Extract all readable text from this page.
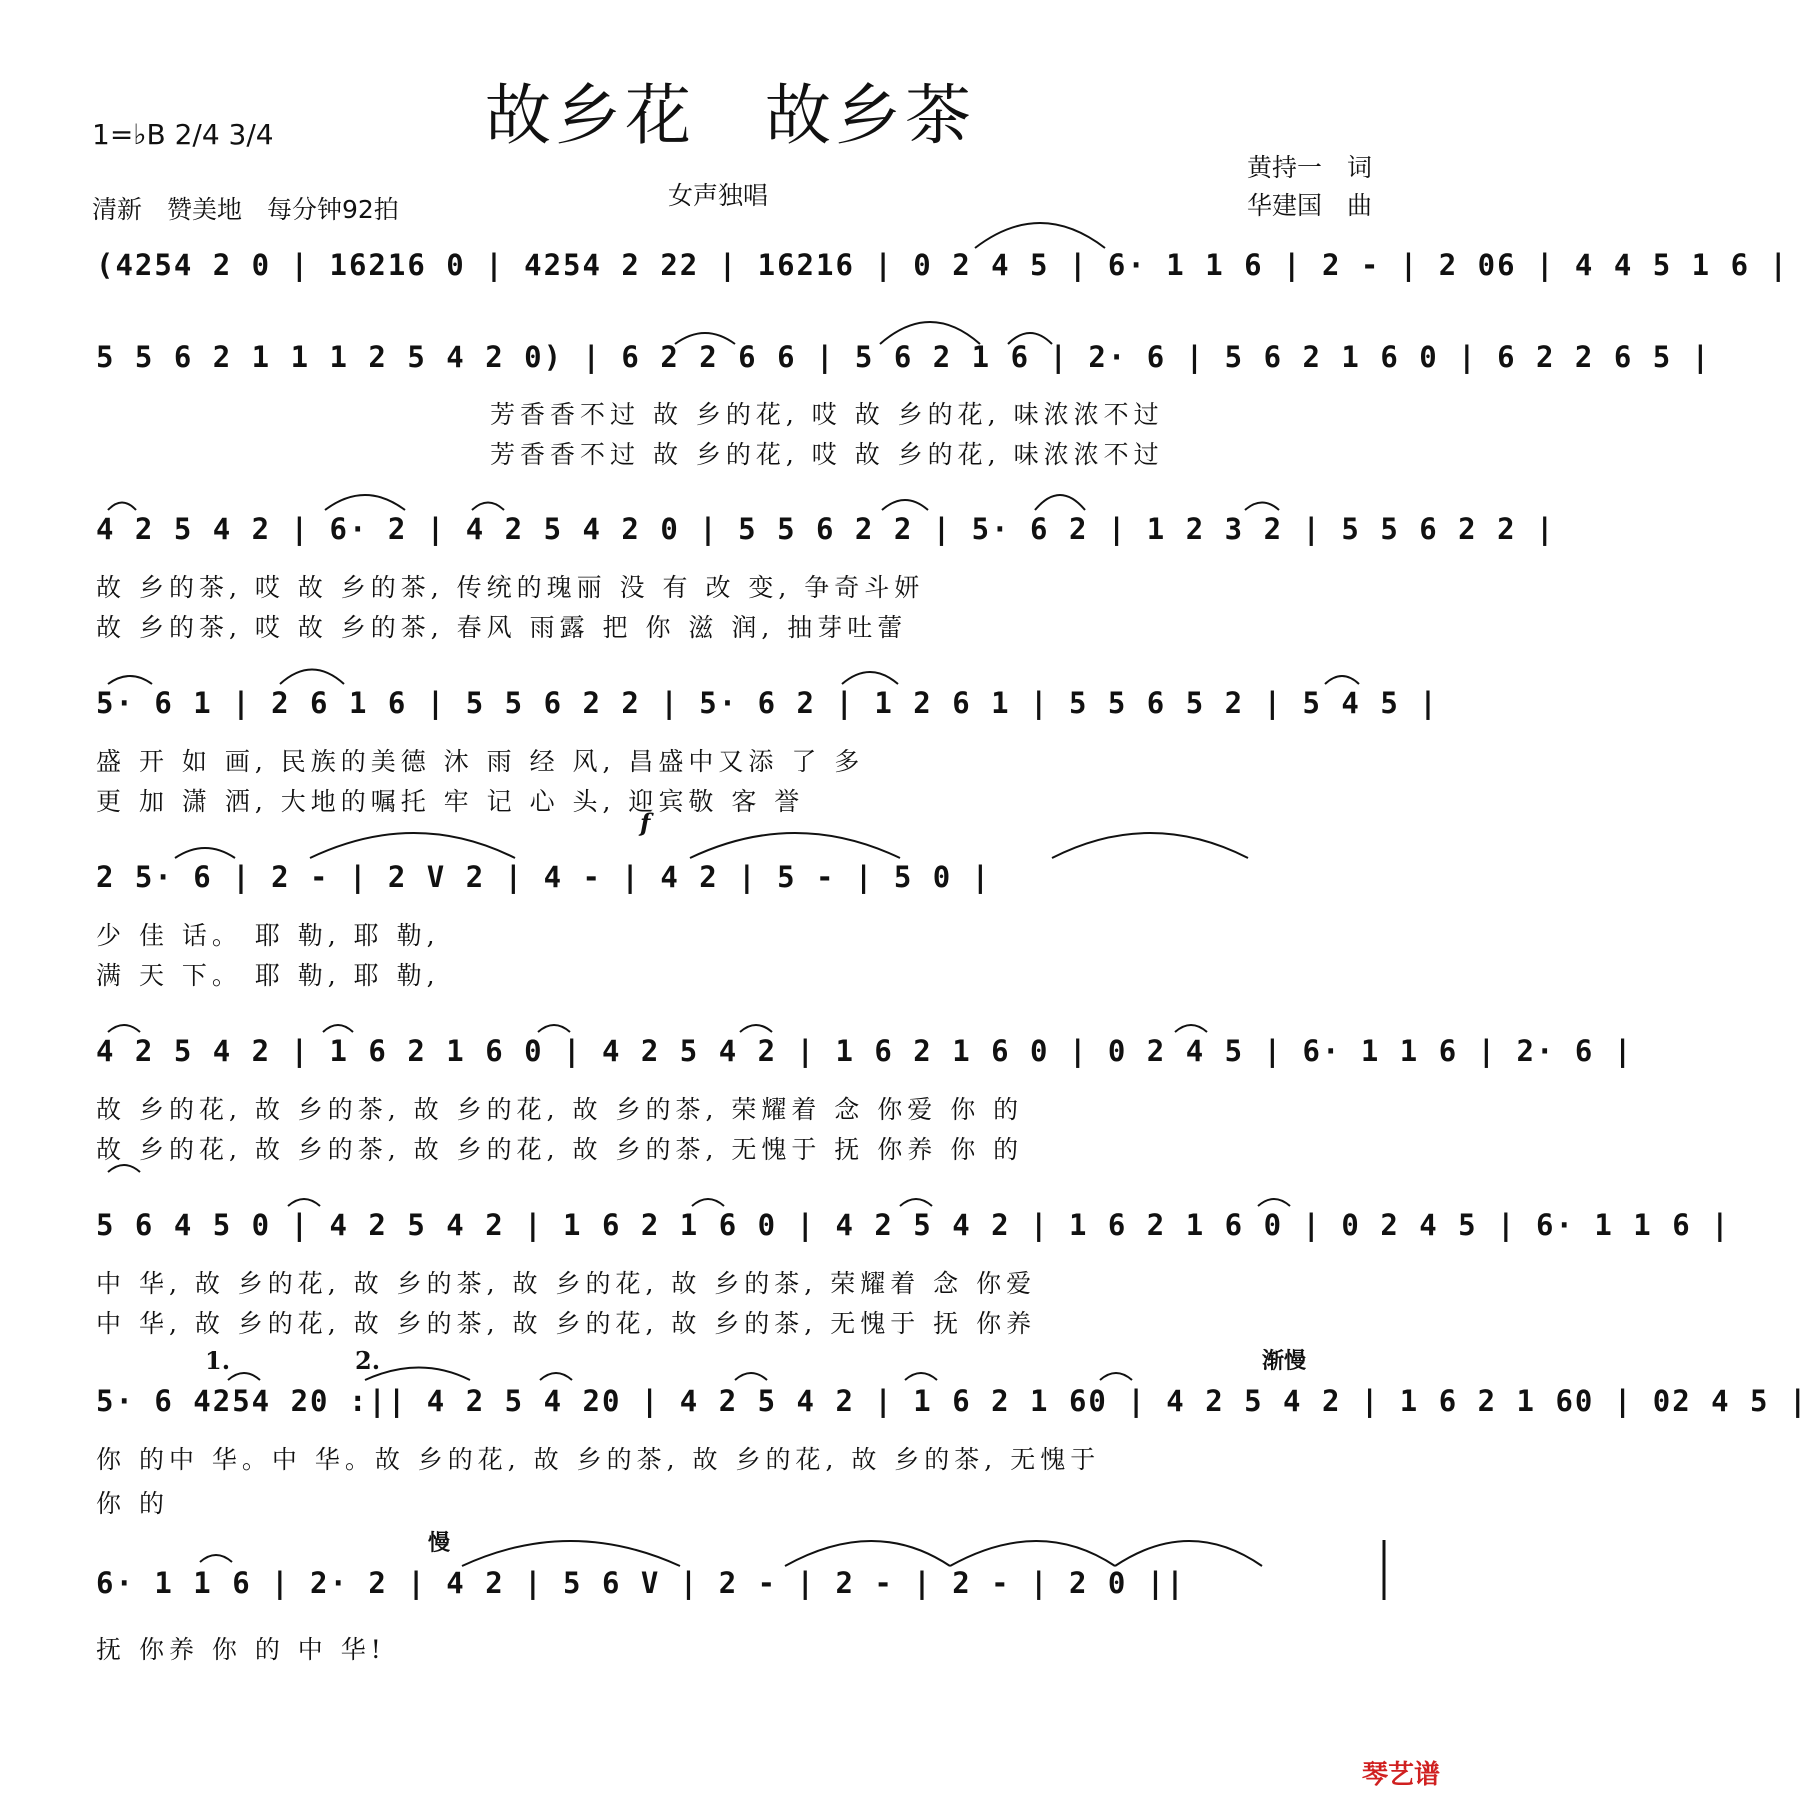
故乡花　故乡茶
1=♭B 2/4 3/4
清新　赞美地　每分钟92拍	女声独唱
黄持一　词
华建国　曲
(4254 2 0 | 16216 0 | 4254 2 22 | 16216 | 0 2 4 5 | 6· 1 1 6 | 2 - | 2 06 | 4 4 5 1 6 |
5 5 6 2 1 1 1 2 5 4 2 0) | 6 2 2 6 6 | 5 6 2 1 6 | 2· 6 | 5 6 2 1 6 0 | 6 2 2 6 5 |
芳香香不过 故 乡的花, 哎 故 乡的花, 味浓浓不过
芳香香不过 故 乡的花, 哎 故 乡的花, 味浓浓不过
4 2 5 4 2 | 6· 2 | 4 2 5 4 2 0 | 5 5 6 2 2 | 5· 6 2 | 1 2 3 2 | 5 5 6 2 2 |
故 乡的茶, 哎 故 乡的茶, 传统的瑰丽 没 有 改 变, 争奇斗妍
故 乡的茶, 哎 故 乡的茶, 春风 雨露 把 你 滋 润, 抽芽吐蕾
5· 6 1 | 2 6 1 6 | 5 5 6 2 2 | 5· 6 2 | 1 2 6 1 | 5 5 6 5 2 | 5 4 5 |
盛 开 如 画, 民族的美德 沐 雨 经 风, 昌盛中又添 了 多
更 加 潇 洒, 大地的嘱托 牢 记 心 头, 迎宾敬 客 誉
f
2 5· 6 | 2 - | 2 V 2 | 4 - | 4 2 | 5 - | 5 0 |
少 佳 话。 耶 勒, 耶 勒,
满 天 下。 耶 勒, 耶 勒,
4 2 5 4 2 | 1 6 2 1 6 0 | 4 2 5 4 2 | 1 6 2 1 6 0 | 0 2 4 5 | 6· 1 1 6 | 2· 6 |
故 乡的花, 故 乡的茶, 故 乡的花, 故 乡的茶, 荣耀着 念 你爱 你 的
故 乡的花, 故 乡的茶, 故 乡的花, 故 乡的茶, 无愧于 抚 你养 你 的
5 6 4 5 0 | 4 2 5 4 2 | 1 6 2 1 6 0 | 4 2 5 4 2 | 1 6 2 1 6 0 | 0 2 4 5 | 6· 1 1 6 |
中 华, 故 乡的花, 故 乡的茶, 故 乡的花, 故 乡的茶, 荣耀着 念 你爱
中 华, 故 乡的花, 故 乡的茶, 故 乡的花, 故 乡的茶, 无愧于 抚 你养
1.	2.	渐慢
5· 6 4254 20 :|| 4 2 5 4 20 | 4 2 5 4 2 | 1 6 2 1 60 | 4 2 5 4 2 | 1 6 2 1 60 | 02 4 5 |
你 的中 华。中 华。故 乡的花, 故 乡的茶, 故 乡的花, 故 乡的茶, 无愧于
你 的
慢
6· 1 1 6 | 2· 2 | 4 2 | 5 6 V | 2 - | 2 - | 2 - | 2 0 ||
抚 你养 你 的 中 华!
琴艺谱
